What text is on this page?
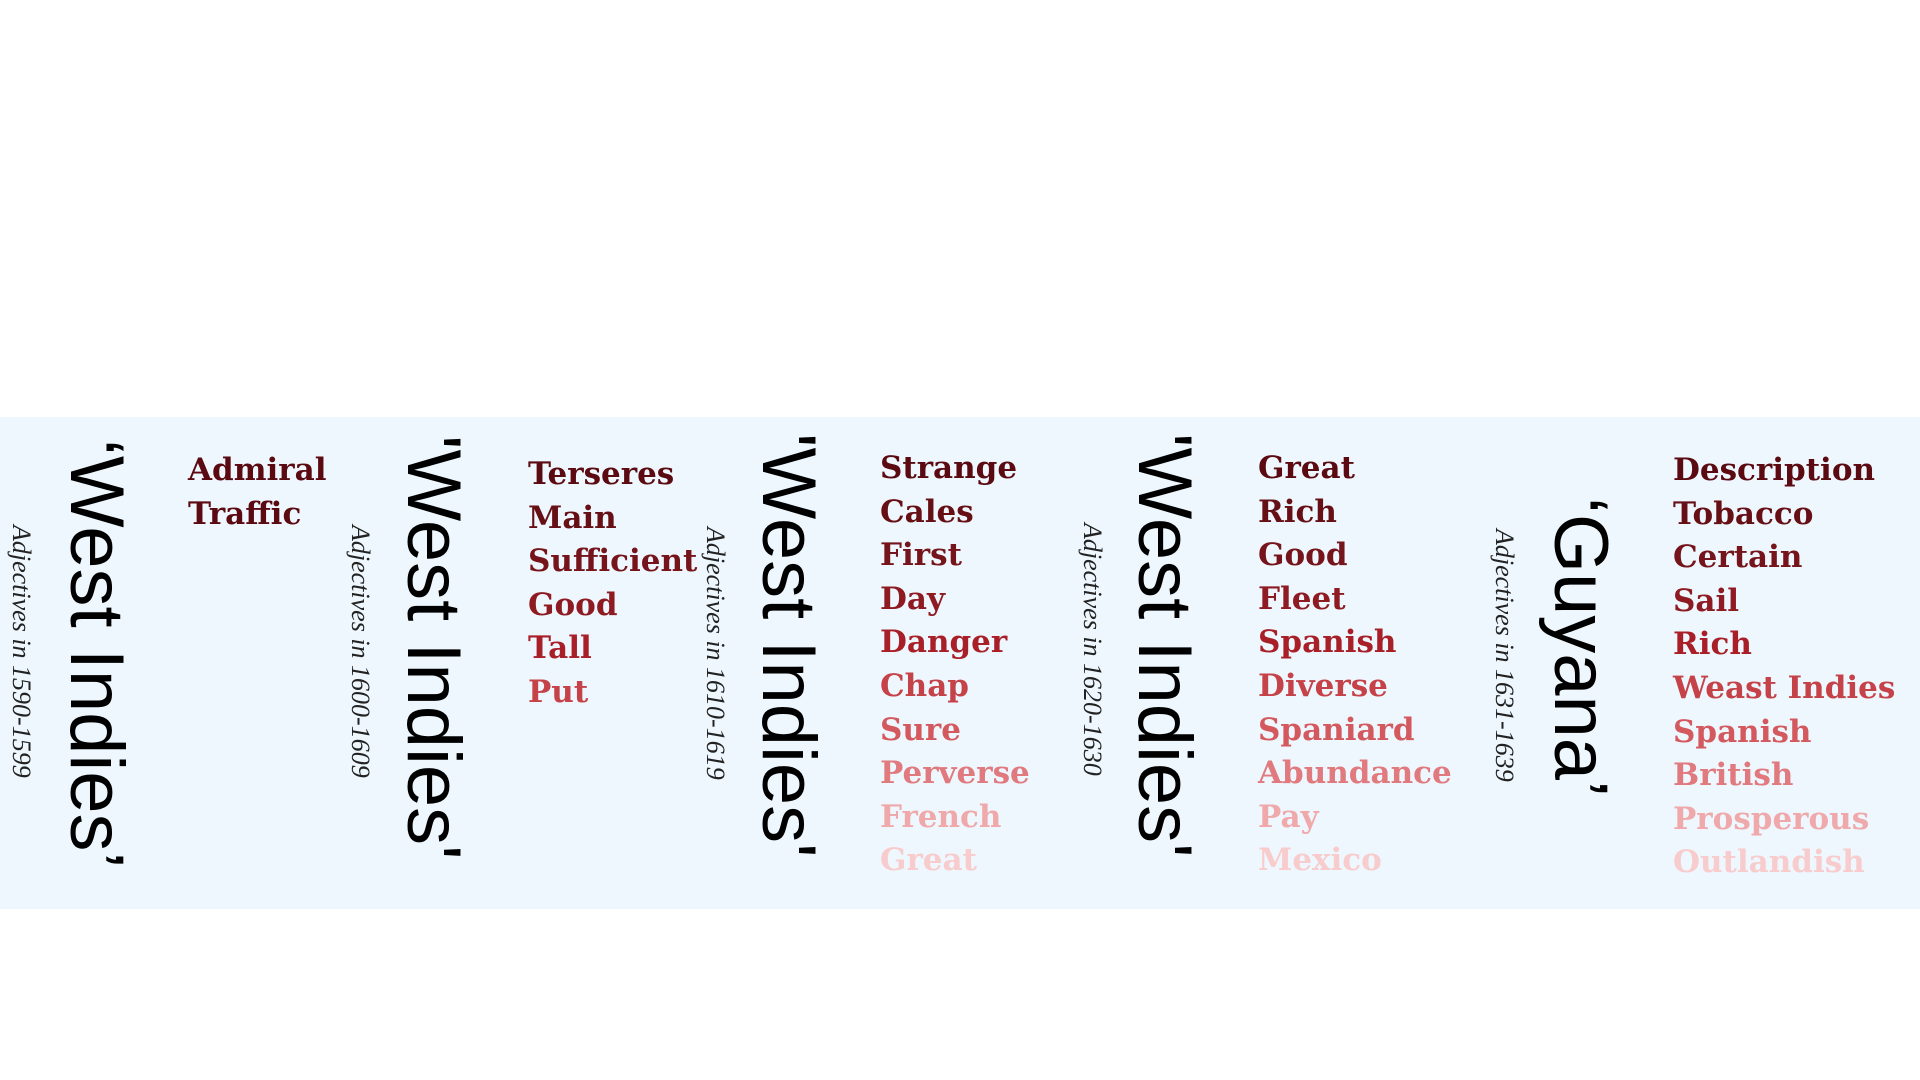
Adjectives in 1590-1599 ‘West Indies’ Admiral
Traffic
Adjectives in 1600-1609 'West Indies' Terseres
Main
Sufficient
Good
Tall
Put	Adjectives in 1610-1619 'West Indies' Strange
Cales
First
Day
Danger
Chap
Sure
Perverse
French
Great
Adjectives in 1620-1630 'West Indies' Great
Rich
Good
Fleet
Spanish
Diverse
Spaniard
Abundance
Pay
Mexico
Adjectives in 1631-1639 ‘Guyana’
Description
Tobacco
Certain
Sail
Rich
Weast Indies
Spanish
British
Prosperous
Outlandish
